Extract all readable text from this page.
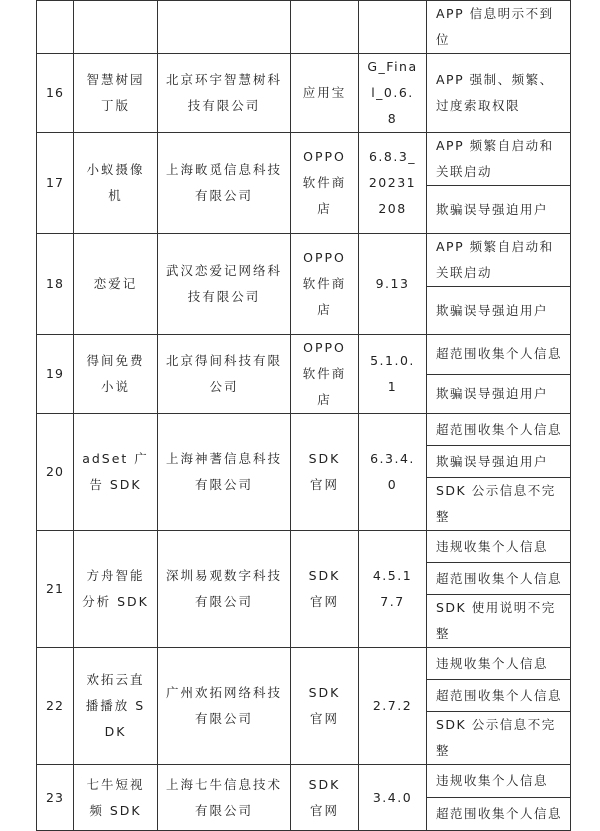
					APP 信息明示不到位
16	智慧树园丁版	北京环宇智慧树科技有限公司	应用宝	G_Final_0.6.8	APP 强制、频繁、过度索取权限
17	小蚁摄像机	上海畋觅信息科技有限公司	OPPO 软件商店	6.8.3_20231208	APP 频繁自启动和关联启动
					欺骗误导强迫用户
18	恋爱记	武汉恋爱记网络科技有限公司	OPPO 软件商店	9.13	APP 频繁自启动和关联启动
					欺骗误导强迫用户
19	得间免费小说	北京得间科技有限公司	OPPO 软件商店	5.1.0.1	超范围收集个人信息
					欺骗误导强迫用户
20	adSet 广告 SDK	上海神蓍信息科技有限公司	SDK 官网	6.3.4.0	超范围收集个人信息
					欺骗误导强迫用户
					SDK 公示信息不完整
21	方舟智能分析 SDK	深圳易观数字科技有限公司	SDK 官网	4.5.17.7	违规收集个人信息
					超范围收集个人信息
					SDK 使用说明不完整
22	欢拓云直播播放 SDK	广州欢拓网络科技有限公司	SDK 官网	2.7.2	违规收集个人信息
					超范围收集个人信息
					SDK 公示信息不完整
23	七牛短视频 SDK	上海七牛信息技术有限公司	SDK 官网	3.4.0	违规收集个人信息
					超范围收集个人信息
